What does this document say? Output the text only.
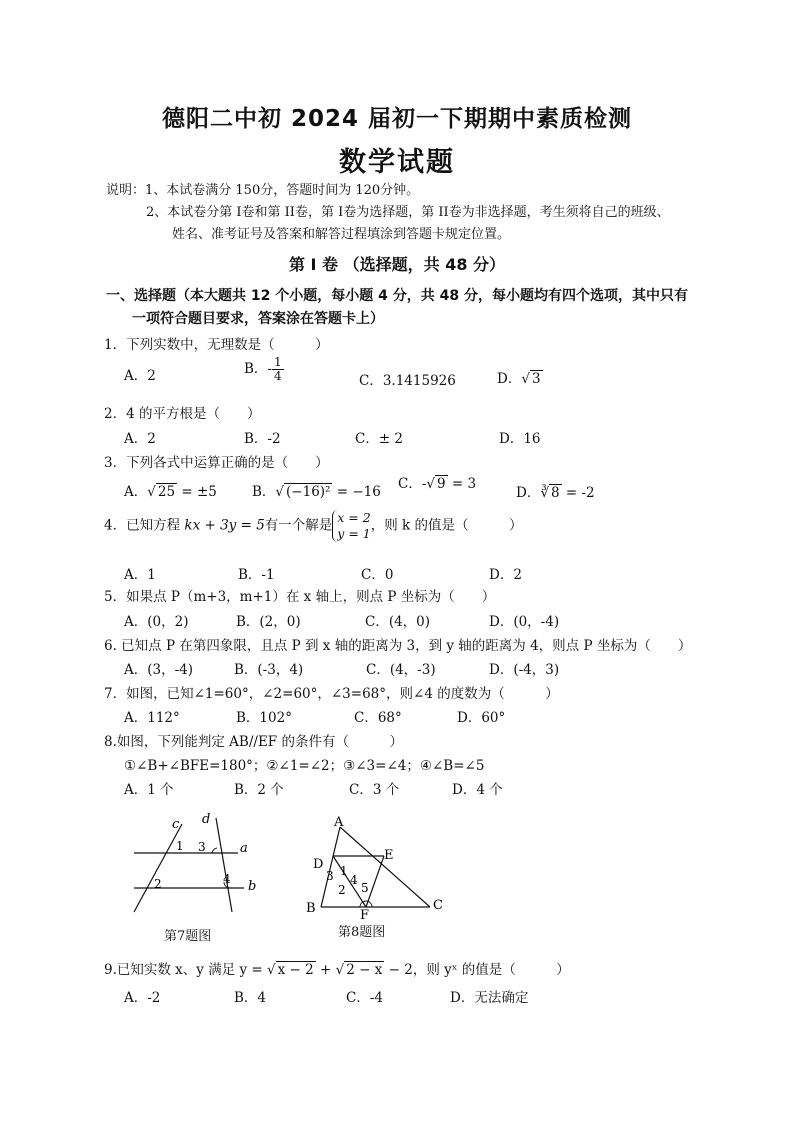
德阳二中初 2024 届初一下期期中素质检测
数学试题
说明：1、本试卷满分 150分，答题时间为 120分钟。
2、本试卷分第 I卷和第 II卷，第 I卷为选择题，第 II卷为非选择题，考生须将自己的班级、
姓名、准考证号及答案和解答过程填涂到答题卡规定位置。
第 I 卷 （选择题，共 48 分）
一、选择题（本大题共 12 个小题，每小题 4 分，共 48 分，每小题均有四个选项，其中只有
一项符合题目要求，答案涂在答题卡上）
1．下列实数中，无理数是（　　　）
A．2	B．- $\frac{1}{4}$	C．3.1415926	D．√ 3
2．4 的平方根是（　　）
A．2	B．-2	C．± 2	D．16
3．下列各式中运算正确的是（　　）
A．√ 25 = ±5	B．√ (−16)² = −16 C．-√ 9 = 3
D．∛ 8 = -2
4．已知方程 kx + 3y = 5有一个解是 x = 2
y = 1，则 k 的值是（　　　）
A．1	B．-1	C．0	D．2
5．如果点 P（m+3，m+1）在 x 轴上，则点 P 坐标为（　　）
A．(0，2)	B．(2，0)	C．(4，0)	D．(0，-4)
6. 已知点 P 在第四象限，且点 P 到 x 轴的距离为 3，到 y 轴的距离为 4，则点 P 坐标为（　　）
A．(3，-4)	B．(-3，4)	C．(4，-3)	D．(-4，3)
7．如图，已知∠1=60°，∠2=60°，∠3=68°，则∠4 的度数为（　　　）
A．112°	B．102°	C．68°	D．60°
8.如图，下列能判定 AB//EF 的条件有（　　　）
①∠B+∠BFE=180°；②∠1=∠2；③∠3=∠4；④∠B=∠5
A．1 个	B．2 个	C．3 个	D．4 个
c d
a
b
1
2
3
4
第7题图
A
B	C
D
E
F
1
2
3 4
5
第8题图
9.已知实数 x、y 满足 y = √ x − 2 + √ 2 − x − 2，则 yˣ 的值是（　　　）
A．-2	B．4	C．-4	D．无法确定
